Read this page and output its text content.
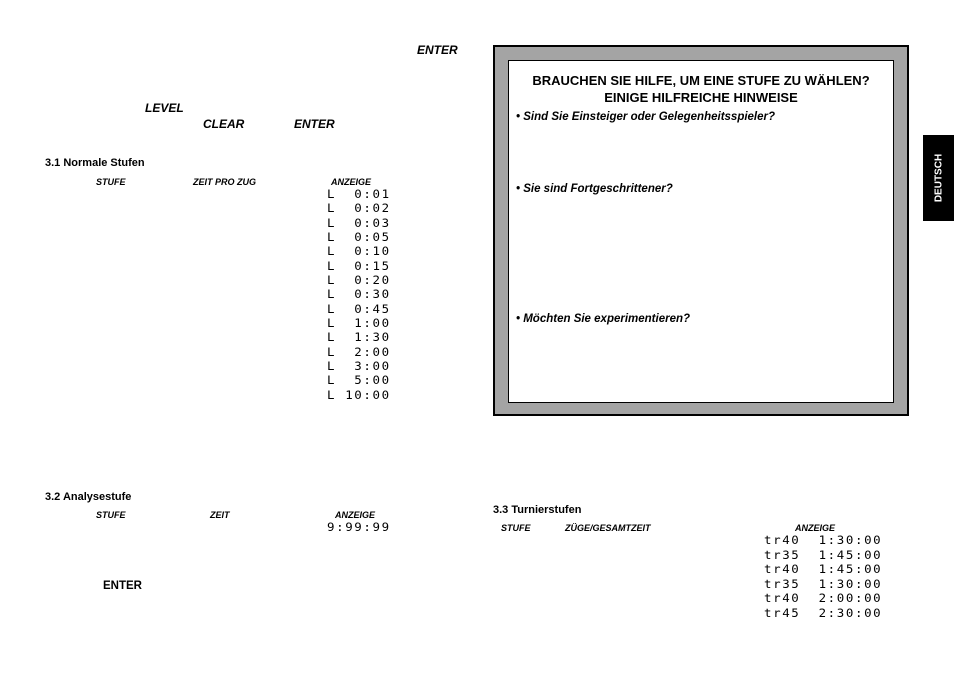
ENTER
LEVEL
CLEAR	ENTER
3.1 Normale Stufen
STUFE	ZEIT PRO ZUG	ANZEIGE
L  0:01
L  0:02
L  0:03
L  0:05
L  0:10
L  0:15
L  0:20
L  0:30
L  0:45
L  1:00
L  1:30
L  2:00
L  3:00
L  5:00
L 10:00
3.2 Analysestufe
STUFE	ZEIT	ANZEIGE
9:99:99
ENTER
BRAUCHEN SIE HILFE, UM EINE STUFE ZU WÄHLEN?
EINIGE HILFREICHE HINWEISE
• Sind Sie Einsteiger oder Gelegenheitsspieler?
• Sie sind Fortgeschrittener?
• Möchten Sie experimentieren?
3.3 Turnierstufen
STUFE	ZÜGE/GESAMTZEIT	ANZEIGE
tr40  1:30:00
tr35  1:45:00
tr40  1:45:00
tr35  1:30:00
tr40  2:00:00
tr45  2:30:00
DEUTSCH
